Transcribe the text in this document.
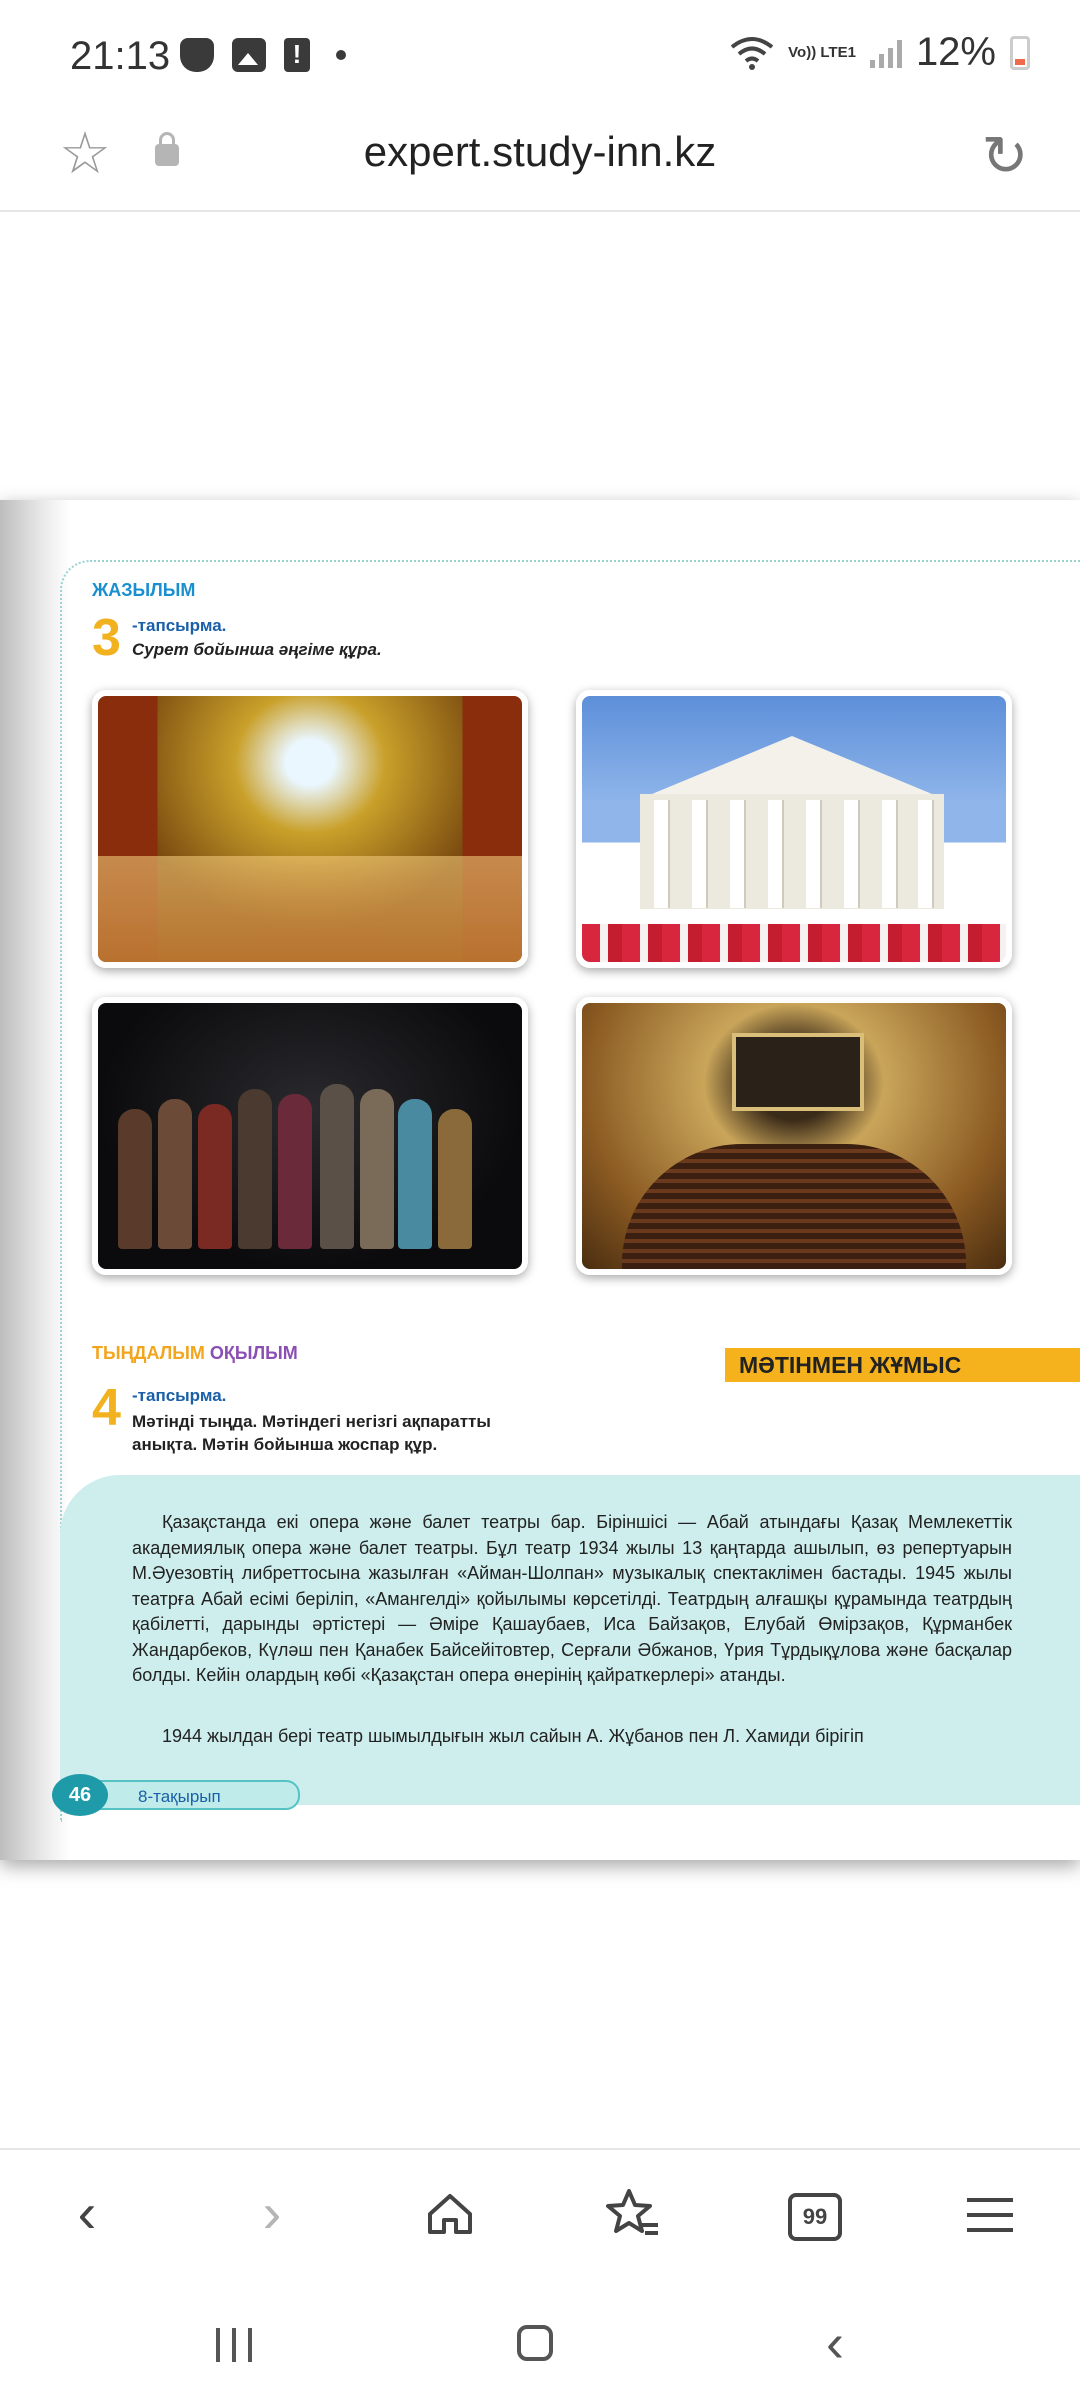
21:13
!	Vo)) LTE1 12%
☆	expert.study-inn.kz	↻
ЖАЗЫЛЫМ
3 -тапсырма.
Сурет бойынша әңгіме құра.
ТЫҢДАЛЫМ ОҚЫЛЫМ	МӘТІНМЕН ЖҰМЫС
4 -тапсырма.
Мәтінді тыңда. Мәтіндегі негізгі ақпаратты анықта. Мәтін бойынша жоспар құр.
Қазақстанда екі опера және балет театры бар. Біріншісі — Абай атындағы Қазақ Мемлекеттік академиялық опера және балет театры. Бұл театр 1934 жылы 13 қаңтарда ашылып, өз репертуарын М.Әуезовтің либреттосына жазылған «Айман-Шолпан» музыкалық спектаклімен бастады. 1945 жылы театрға Абай есімі беріліп, «Амангелді» қойылымы көрсетілді. Театрдың алғашқы құрамында театрдың қабілетті, дарынды әртістері — Әміре Қашаубаев, Иса Байзақов, Елубай Өмірзақов, Құрманбек Жандарбеков, Күләш пен Қанабек Байсейітовтер, Серғали Әбжанов, Үрия Тұрдықұлова және басқалар болды. Кейін олардың көбі «Қазақстан опера өнерінің қайраткерлері» атанды.
1944 жылдан бері театр шымылдығын жыл сайын А. Жұбанов пен Л. Хамиди бірігіп
8-тақырып
46
‹	›	99
‹
